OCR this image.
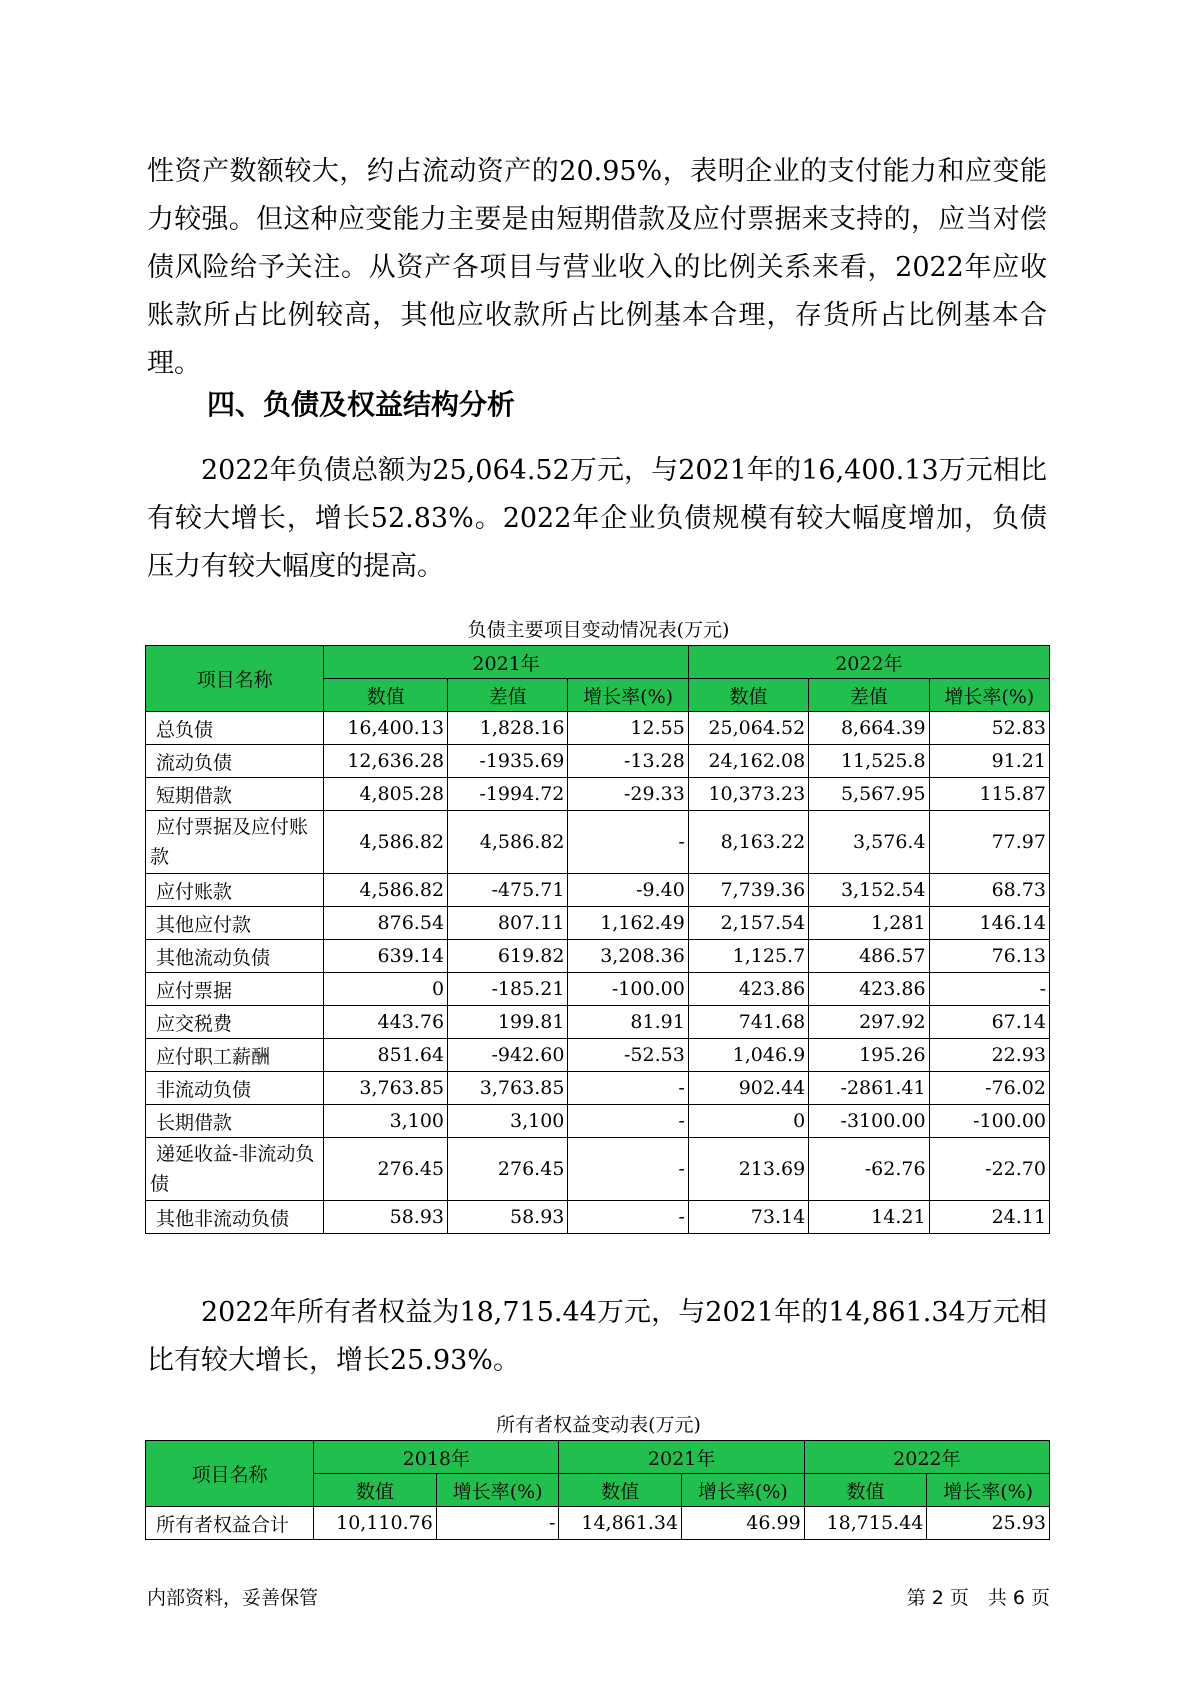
性资产数额较大，约占流动资产的20.95%，表明企业的支付能力和应变能力较强。但这种应变能力主要是由短期借款及应付票据来支持的，应当对偿债风险给予关注。从资产各项目与营业收入的比例关系来看，2022年应收账款所占比例较高，其他应收款所占比例基本合理，存货所占比例基本合理。

四、负债及权益结构分析

2022年负债总额为25,064.52万元，与2021年的16,400.13万元相比有较大增长，增长52.83%。2022年企业负债规模有较大幅度增加，负债压力有较大幅度的提高。

负债主要项目变动情况表(万元)

项目名称	2021年			2022年		
	数值	差值	增长率(%)	数值	差值	增长率(%)
总负债	16,400.13	1,828.16	12.55	25,064.52	8,664.39	52.83
流动负债	12,636.28	-1935.69	-13.28	24,162.08	11,525.8	91.21
短期借款	4,805.28	-1994.72	-29.33	10,373.23	5,567.95	115.87
应付票据及应付账款	4,586.82	4,586.82	-	8,163.22	3,576.4	77.97
应付账款	4,586.82	-475.71	-9.40	7,739.36	3,152.54	68.73
其他应付款	876.54	807.11	1,162.49	2,157.54	1,281	146.14
其他流动负债	639.14	619.82	3,208.36	1,125.7	486.57	76.13
应付票据	0	-185.21	-100.00	423.86	423.86	-
应交税费	443.76	199.81	81.91	741.68	297.92	67.14
应付职工薪酬	851.64	-942.60	-52.53	1,046.9	195.26	22.93
非流动负债	3,763.85	3,763.85	-	902.44	-2861.41	-76.02
长期借款	3,100	3,100	-	0	-3100.00	-100.00
递延收益-非流动负债	276.45	276.45	-	213.69	-62.76	-22.70
其他非流动负债	58.93	58.93	-	73.14	14.21	24.11

2022年所有者权益为18,715.44万元，与2021年的14,861.34万元相比有较大增长，增长25.93%。

所有者权益变动表(万元)

项目名称	2018年		2021年		2022年	
	数值	增长率(%)	数值	增长率(%)	数值	增长率(%)
所有者权益合计	10,110.76	-	14,861.34	46.99	18,715.44	25.93

内部资料，妥善保管	第 2 页　共 6 页
